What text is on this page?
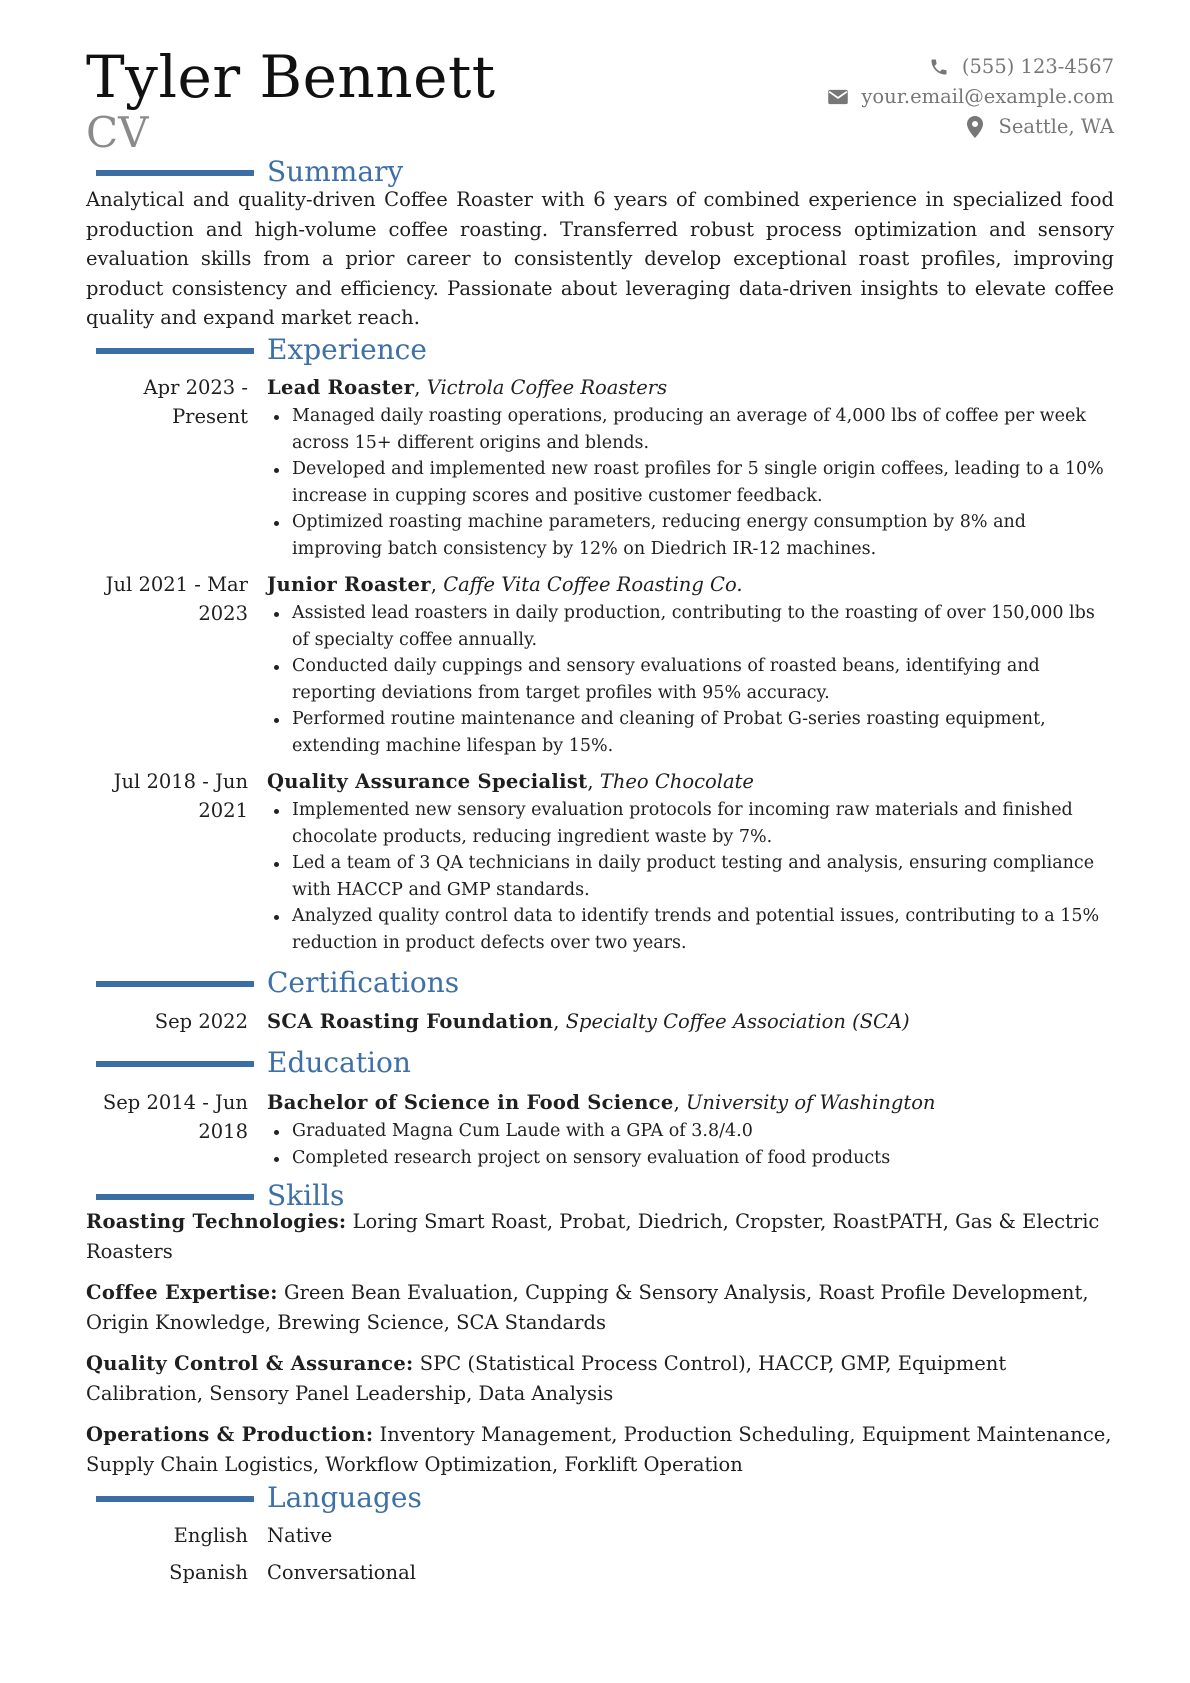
Tyler Bennett
CV
(555) 123-4567
your.email@example.com
Seattle, WA
Summary
Analytical and quality-driven Coffee Roaster with 6 years of combined experience in specialized food production and high-volume coffee roasting. Transferred robust process optimization and sensory evaluation skills from a prior career to consistently develop exceptional roast profiles, improving product consistency and efficiency. Passionate about leveraging data-driven insights to elevate coffee quality and expand market reach.
Experience
Apr 2023 -
Present
Lead Roaster, Victrola Coffee Roasters
Managed daily roasting operations, producing an average of 4,000 lbs of coffee per week across 15+ different origins and blends.
Developed and implemented new roast profiles for 5 single origin coffees, leading to a 10% increase in cupping scores and positive customer feedback.
Optimized roasting machine parameters, reducing energy consumption by 8% and improving batch consistency by 12% on Diedrich IR-12 machines.
Jul 2021 - Mar
2023
Junior Roaster, Caffe Vita Coffee Roasting Co.
Assisted lead roasters in daily production, contributing to the roasting of over 150,000 lbs of specialty coffee annually.
Conducted daily cuppings and sensory evaluations of roasted beans, identifying and reporting deviations from target profiles with 95% accuracy.
Performed routine maintenance and cleaning of Probat G-series roasting equipment, extending machine lifespan by 15%.
Jul 2018 - Jun
2021
Quality Assurance Specialist, Theo Chocolate
Implemented new sensory evaluation protocols for incoming raw materials and finished chocolate products, reducing ingredient waste by 7%.
Led a team of 3 QA technicians in daily product testing and analysis, ensuring compliance with HACCP and GMP standards.
Analyzed quality control data to identify trends and potential issues, contributing to a 15% reduction in product defects over two years.
Certifications
Sep 2022 SCA Roasting Foundation, Specialty Coffee Association (SCA)
Education
Sep 2014 - Jun
2018
Bachelor of Science in Food Science, University of Washington
Graduated Magna Cum Laude with a GPA of 3.8/4.0
Completed research project on sensory evaluation of food products
Skills
Roasting Technologies: Loring Smart Roast, Probat, Diedrich, Cropster, RoastPATH, Gas & Electric Roasters
Coffee Expertise: Green Bean Evaluation, Cupping & Sensory Analysis, Roast Profile Development, Origin Knowledge, Brewing Science, SCA Standards
Quality Control & Assurance: SPC (Statistical Process Control), HACCP, GMP, Equipment Calibration, Sensory Panel Leadership, Data Analysis
Operations & Production: Inventory Management, Production Scheduling, Equipment Maintenance, Supply Chain Logistics, Workflow Optimization, Forklift Operation
Languages
English Native
Spanish Conversational
